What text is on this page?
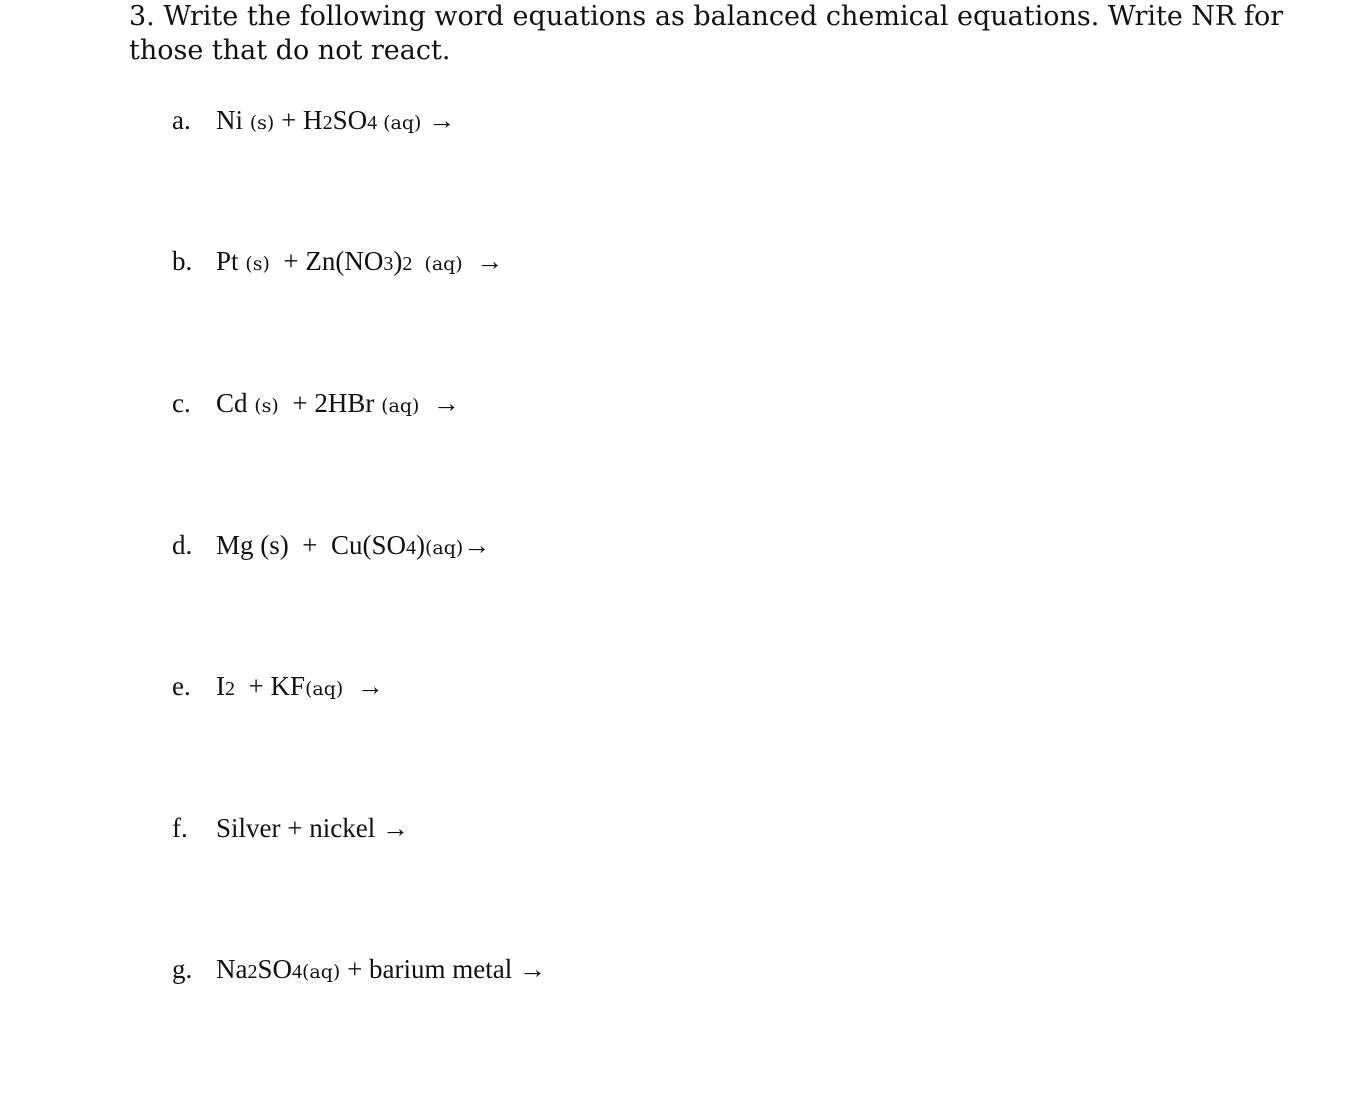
3. Write the following word equations as balanced chemical equations. Write NR for those that do not react.

a. Ni (s) + H2SO4 (aq) →
b. Pt (s)  + Zn(NO3)2  (aq)  →
c. Cd (s)  + 2HBr (aq)  →
d. Mg (s)  +  Cu(SO4)(aq)→
e. I2  + KF(aq)  →
f. Silver + nickel →
g. Na2SO4(aq) + barium metal →
